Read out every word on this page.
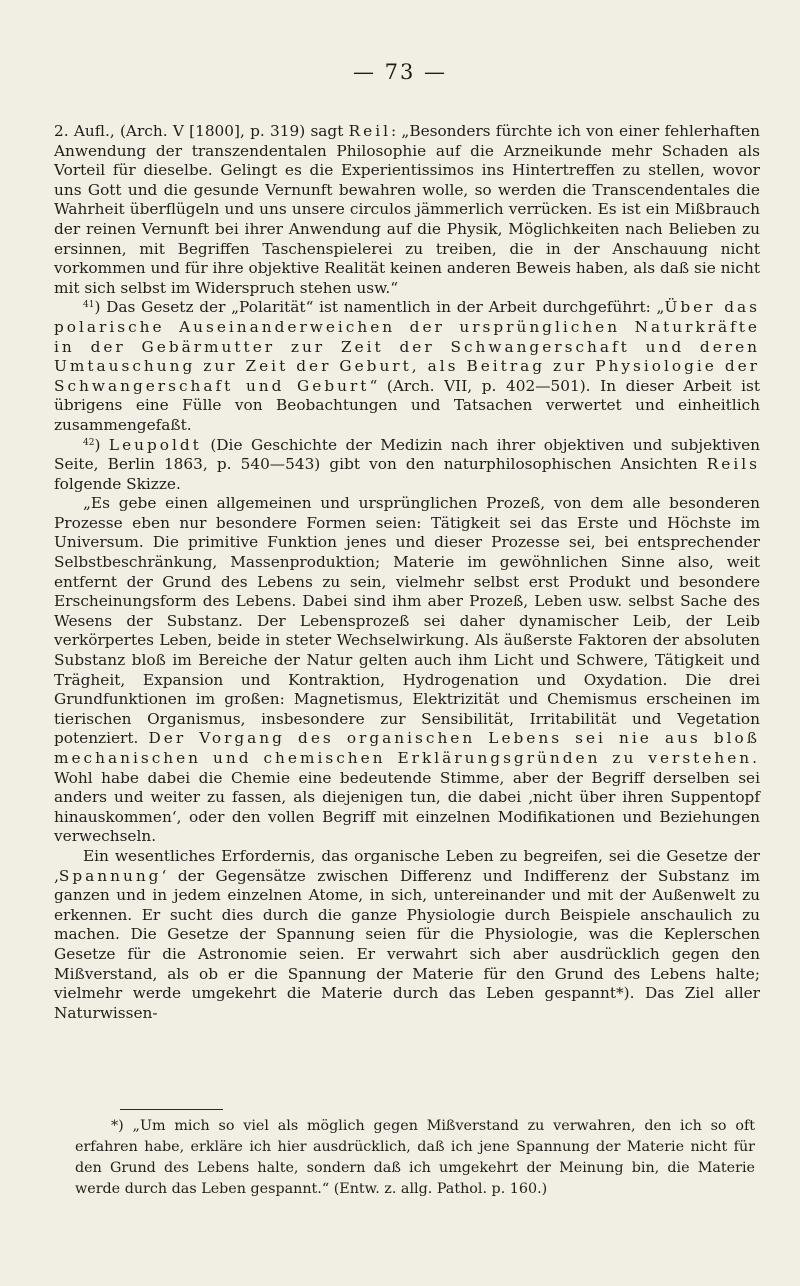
— 73 —

2. Aufl., (Arch. V [1800], p. 319) sagt Reil: „Besonders fürchte ich von einer fehlerhaften Anwendung der transzendentalen Philosophie auf die Arzneikunde mehr Schaden als Vorteil für dieselbe. Gelingt es die Experientissimos ins Hintertreffen zu stellen, wovor uns Gott und die gesunde Vernunft bewahren wolle, so werden die Transcendentales die Wahrheit überflügeln und uns unsere circulos jämmerlich verrücken. Es ist ein Mißbrauch der reinen Vernunft bei ihrer Anwendung auf die Physik, Möglichkeiten nach Belieben zu ersinnen, mit Begriffen Taschenspielerei zu treiben, die in der Anschauung nicht vorkommen und für ihre objektive Realität keinen anderen Beweis haben, als daß sie nicht mit sich selbst im Widerspruch stehen usw.“

$^{41}$) Das Gesetz der „Polarität“ ist namentlich in der Arbeit durchgeführt: „Über das polarische Auseinanderweichen der ursprünglichen Naturkräfte in der Gebärmutter zur Zeit der Schwangerschaft und deren Umtauschung zur Zeit der Geburt, als Beitrag zur Physiologie der Schwangerschaft und Geburt“ (Arch. VII, p. 402—501). In dieser Arbeit ist übrigens eine Fülle von Beobachtungen und Tatsachen verwertet und einheitlich zusammengefaßt.

$^{42}$) Leupoldt (Die Geschichte der Medizin nach ihrer objektiven und subjektiven Seite, Berlin 1863, p. 540—543) gibt von den naturphilosophischen Ansichten Reils folgende Skizze.

„Es gebe einen allgemeinen und ursprünglichen Prozeß, von dem alle besonderen Prozesse eben nur besondere Formen seien: Tätigkeit sei das Erste und Höchste im Universum. Die primitive Funktion jenes und dieser Prozesse sei, bei entsprechender Selbstbeschränkung, Massenproduktion; Materie im gewöhnlichen Sinne also, weit entfernt der Grund des Lebens zu sein, vielmehr selbst erst Produkt und besondere Erscheinungsform des Lebens. Dabei sind ihm aber Prozeß, Leben usw. selbst Sache des Wesens der Substanz. Der Lebensprozeß sei daher dynamischer Leib, der Leib verkörpertes Leben, beide in steter Wechselwirkung. Als äußerste Faktoren der absoluten Substanz bloß im Bereiche der Natur gelten auch ihm Licht und Schwere, Tätigkeit und Trägheit, Expansion und Kontraktion, Hydrogenation und Oxydation. Die drei Grundfunktionen im großen: Magnetismus, Elektrizität und Chemismus erscheinen im tierischen Organismus, insbesondere zur Sensibilität, Irritabilität und Vegetation potenziert. Der Vorgang des organischen Lebens sei nie aus bloß mechanischen und chemischen Erklärungsgründen zu verstehen. Wohl habe dabei die Chemie eine bedeutende Stimme, aber der Begriff derselben sei anders und weiter zu fassen, als diejenigen tun, die dabei ‚nicht über ihren Suppentopf hinauskommen‘, oder den vollen Begriff mit einzelnen Modifikationen und Beziehungen verwechseln.

Ein wesentliches Erfordernis, das organische Leben zu begreifen, sei die Gesetze der ‚Spannung‘ der Gegensätze zwischen Differenz und Indifferenz der Substanz im ganzen und in jedem einzelnen Atome, in sich, untereinander und mit der Außenwelt zu erkennen. Er sucht dies durch die ganze Physiologie durch Beispiele anschaulich zu machen. Die Gesetze der Spannung seien für die Physiologie, was die Keplerschen Gesetze für die Astronomie seien. Er verwahrt sich aber ausdrücklich gegen den Mißverstand, als ob er die Spannung der Materie für den Grund des Lebens halte; vielmehr werde umgekehrt die Materie durch das Leben gespannt*). Das Ziel aller Naturwissen-

*) „Um mich so viel als möglich gegen Mißverstand zu verwahren, den ich so oft erfahren habe, erkläre ich hier ausdrücklich, daß ich jene Spannung der Materie nicht für den Grund des Lebens halte, sondern daß ich umgekehrt der Meinung bin, die Materie werde durch das Leben gespannt.“ (Entw. z. allg. Pathol. p. 160.)
